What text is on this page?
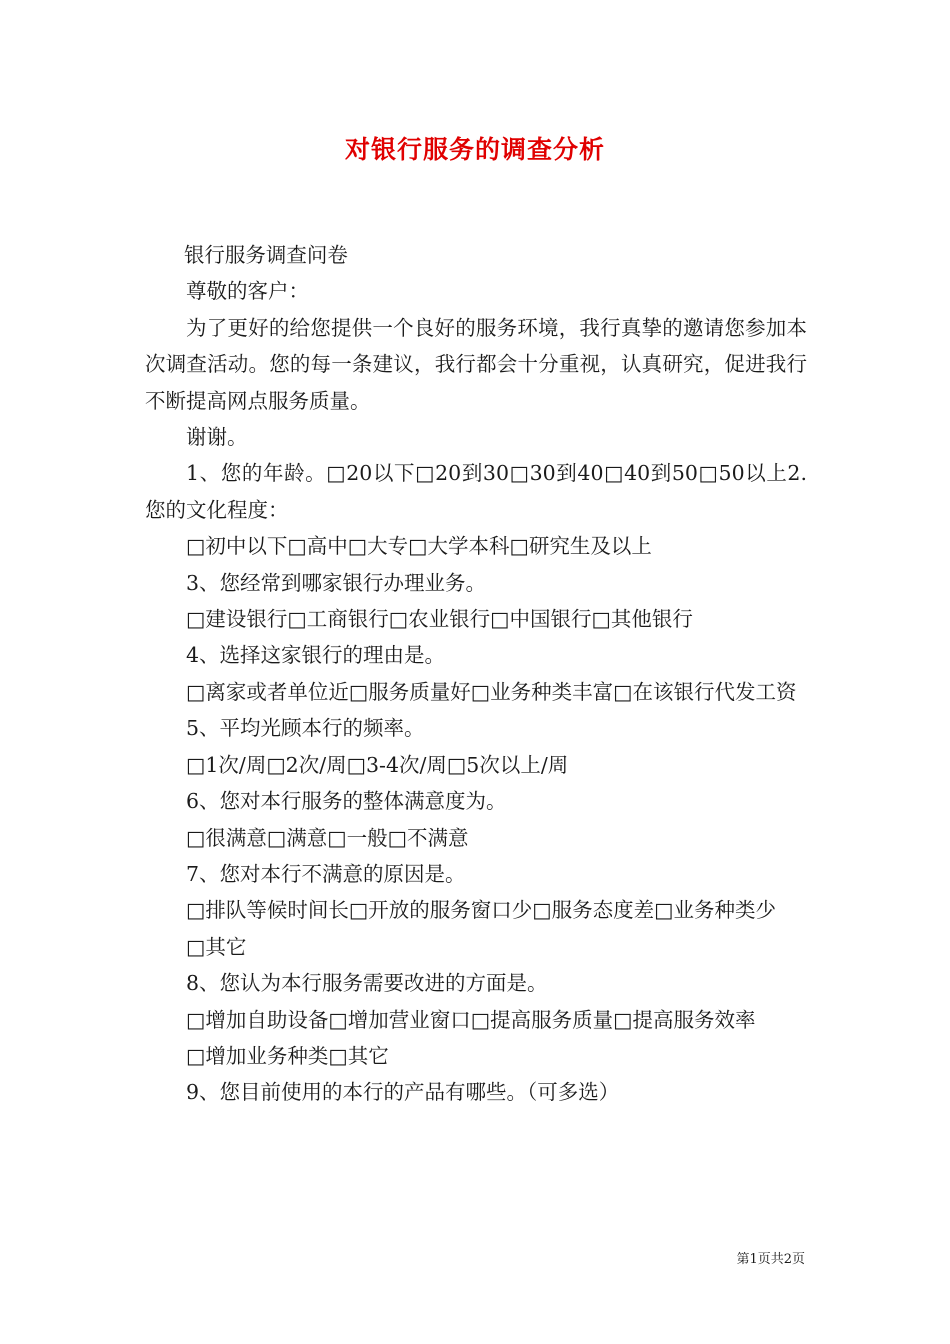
对银行服务的调查分析

银行服务调查问卷

尊敬的客户：

为了更好的给您提供一个良好的服务环境，我行真挚的邀请您参加本次调查活动。您的每一条建议，我行都会十分重视，认真研究，促进我行不断提高网点服务质量。

谢谢。

1、您的年龄。□20以下□20到30□30到40□40到50□50以上2.您的文化程度：

□初中以下□高中□大专□大学本科□研究生及以上

3、您经常到哪家银行办理业务。

□建设银行□工商银行□农业银行□中国银行□其他银行

4、选择这家银行的理由是。

□离家或者单位近□服务质量好□业务种类丰富□在该银行代发工资

5、平均光顾本行的频率。

□1次/周□2次/周□3-4次/周□5次以上/周

6、您对本行服务的整体满意度为。

□很满意□满意□一般□不满意

7、您对本行不满意的原因是。

□排队等候时间长□开放的服务窗口少□服务态度差□业务种类少

□其它

8、您认为本行服务需要改进的方面是。

□增加自助设备□增加营业窗口□提高服务质量□提高服务效率

□增加业务种类□其它

9、您目前使用的本行的产品有哪些。（可多选）

第1页共2页
